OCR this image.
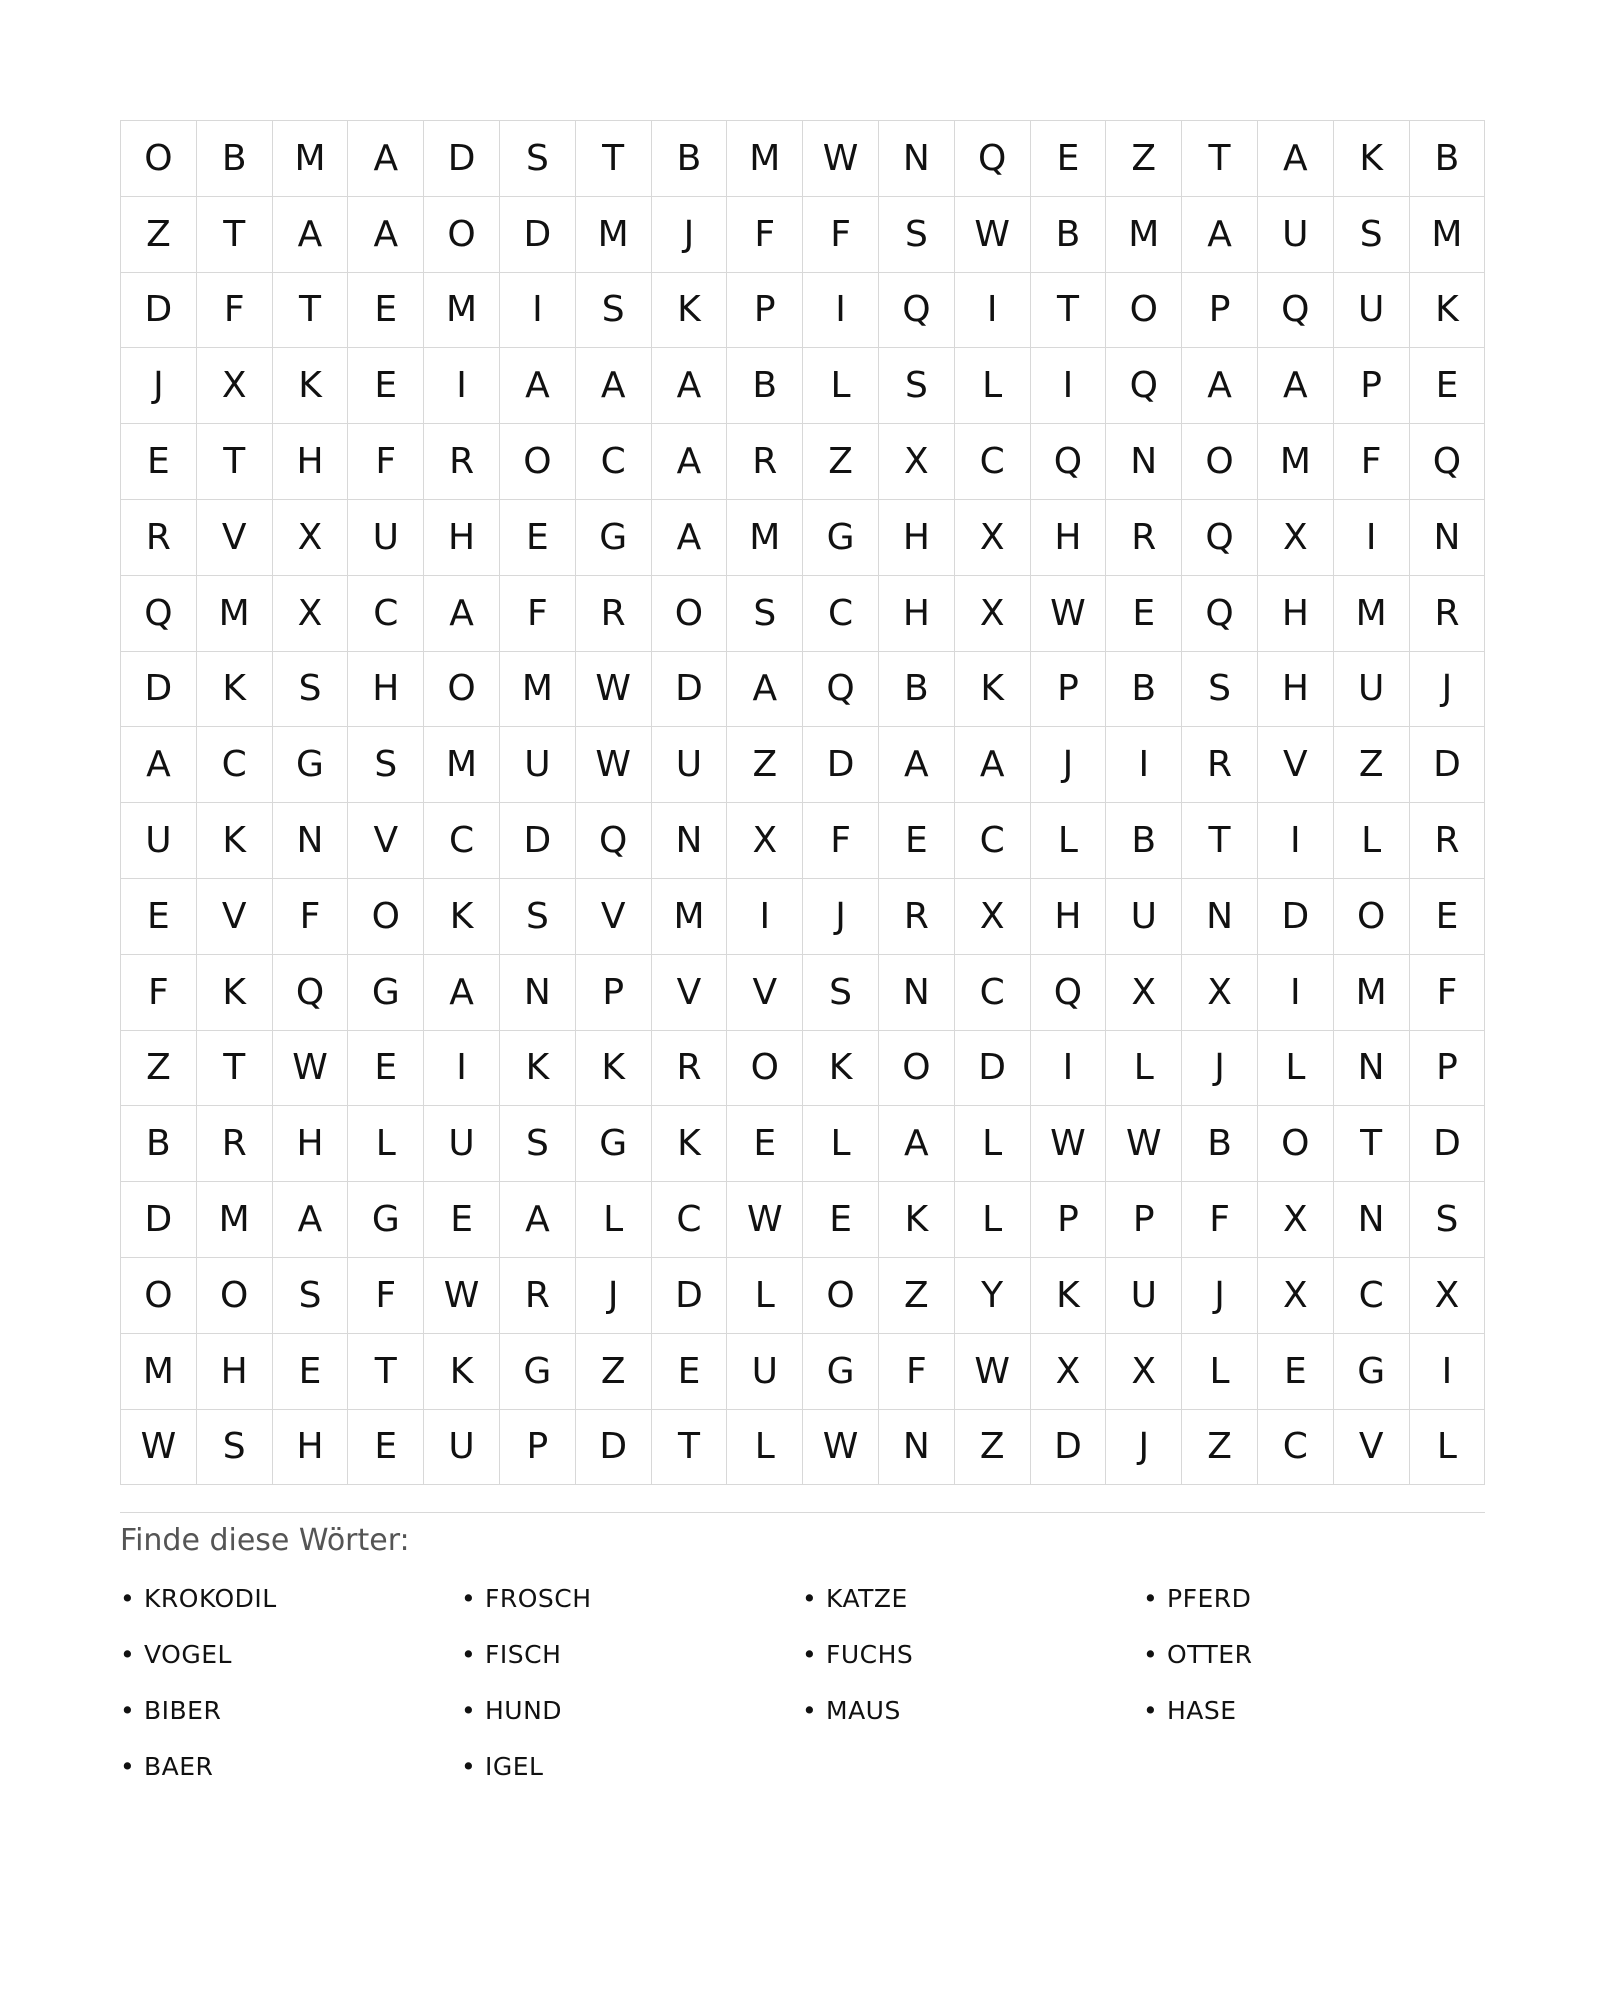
O	B	M	A	D	S	T	B	M	W	N	Q	E	Z	T	A	K	B
Z	T	A	A	O	D	M	J	F	F	S	W	B	M	A	U	S	M
D	F	T	E	M	I	S	K	P	I	Q	I	T	O	P	Q	U	K
J	X	K	E	I	A	A	A	B	L	S	L	I	Q	A	A	P	E
E	T	H	F	R	O	C	A	R	Z	X	C	Q	N	O	M	F	Q
R	V	X	U	H	E	G	A	M	G	H	X	H	R	Q	X	I	N
Q	M	X	C	A	F	R	O	S	C	H	X	W	E	Q	H	M	R
D	K	S	H	O	M	W	D	A	Q	B	K	P	B	S	H	U	J
A	C	G	S	M	U	W	U	Z	D	A	A	J	I	R	V	Z	D
U	K	N	V	C	D	Q	N	X	F	E	C	L	B	T	I	L	R
E	V	F	O	K	S	V	M	I	J	R	X	H	U	N	D	O	E
F	K	Q	G	A	N	P	V	V	S	N	C	Q	X	X	I	M	F
Z	T	W	E	I	K	K	R	O	K	O	D	I	L	J	L	N	P
B	R	H	L	U	S	G	K	E	L	A	L	W	W	B	O	T	D
D	M	A	G	E	A	L	C	W	E	K	L	P	P	F	X	N	S
O	O	S	F	W	R	J	D	L	O	Z	Y	K	U	J	X	C	X
M	H	E	T	K	G	Z	E	U	G	F	W	X	X	L	E	G	I
W	S	H	E	U	P	D	T	L	W	N	Z	D	J	Z	C	V	L
Finde diese Wörter:
• KROKODIL	• FROSCH	• KATZE	• PFERD
• VOGEL	• FISCH	• FUCHS	• OTTER
• BIBER	• HUND	• MAUS	• HASE
• BAER	• IGEL
